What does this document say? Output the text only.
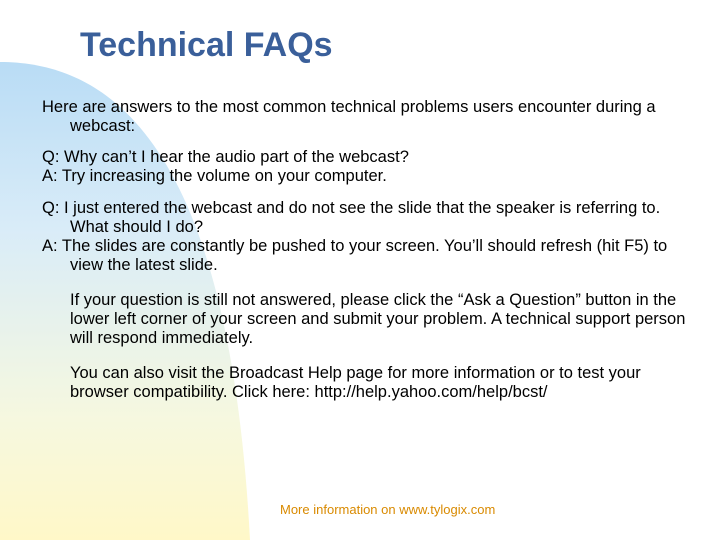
Technical FAQs

Here are answers to the most common technical problems users encounter during a webcast:

Q: Why can’t I hear the audio part of the webcast?

A: Try increasing the volume on your computer.

Q: I just entered the webcast and do not see the slide that the speaker is referring to. What should I do?

A: The slides are constantly be pushed to your screen. You’ll should refresh (hit F5) to view the latest slide.

If your question is still not answered, please click the “Ask a Question” button in the lower left corner of your screen and submit your problem. A technical support person will respond immediately.

You can also visit the Broadcast Help page for more information or to test your browser compatibility. Click here: http://help.yahoo.com/help/bcst/

More information on www.tylogix.com
